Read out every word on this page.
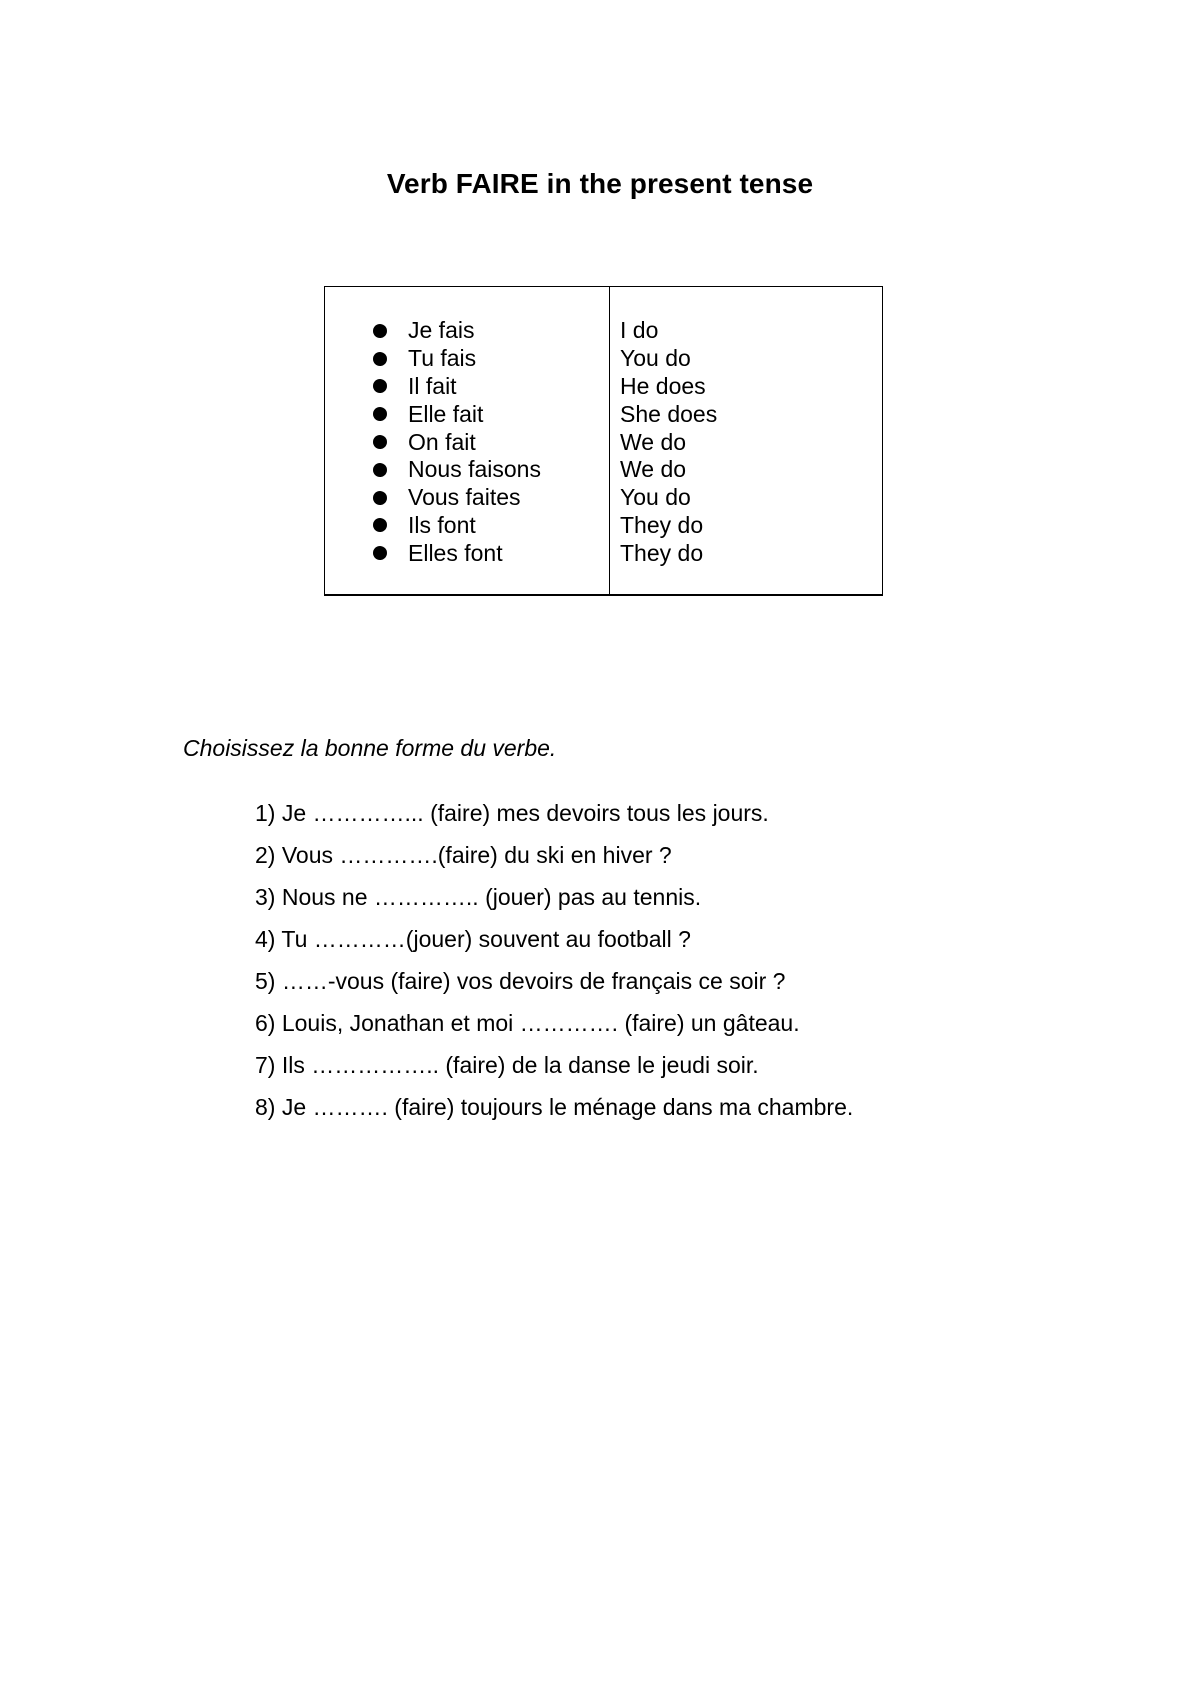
Verb FAIRE in the present tense
Je fais
Tu fais
Il fait
Elle fait
On fait
Nous faisons
Vous faites
Ils font
Elles font
I do
You do
He does
She does
We do
We do
You do
They do
They do
Choisissez la bonne forme du verbe.
1) Je …………... (faire) mes devoirs tous les jours.
2) Vous ………….(faire) du ski en hiver ?
3) Nous ne ………….. (jouer) pas au tennis.
4) Tu …………(jouer) souvent au football ?
5) ……-vous (faire) vos devoirs de français ce soir ?
6) Louis, Jonathan et moi …………. (faire) un gâteau.
7) Ils …………….. (faire) de la danse le jeudi soir.
8) Je ………. (faire) toujours le ménage dans ma chambre.
